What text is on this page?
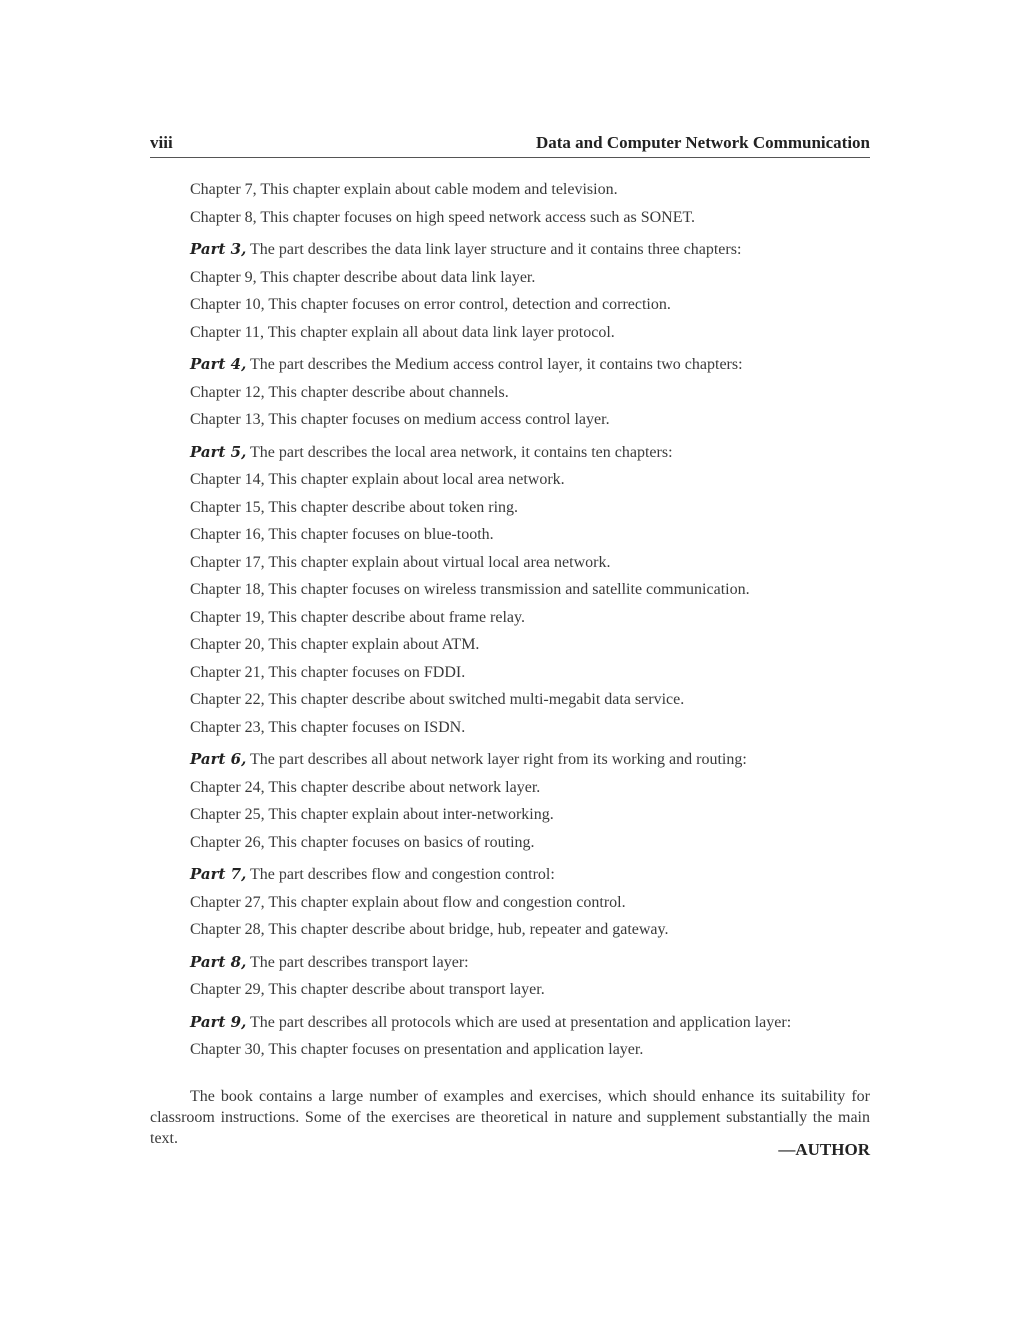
viii	Data and Computer Network Communication
Chapter 7, This chapter explain about cable modem and television.
Chapter 8, This chapter focuses on high speed network access such as SONET.
Part 3, The part describes the data link layer structure and it contains three chapters:
Chapter 9, This chapter describe about data link layer.
Chapter 10, This chapter focuses on error control, detection and correction.
Chapter 11, This chapter explain all about data link layer protocol.
Part 4, The part describes the Medium access control layer, it contains two chapters:
Chapter 12, This chapter describe about channels.
Chapter 13, This chapter focuses on medium access control layer.
Part 5, The part describes the local area network, it contains ten chapters:
Chapter 14, This chapter explain about local area network.
Chapter 15, This chapter describe about token ring.
Chapter 16, This chapter focuses on blue-tooth.
Chapter 17, This chapter explain about virtual local area network.
Chapter 18, This chapter focuses on wireless transmission and satellite communication.
Chapter 19, This chapter describe about frame relay.
Chapter 20, This chapter explain about ATM.
Chapter 21, This chapter focuses on FDDI.
Chapter 22, This chapter describe about switched multi-megabit data service.
Chapter 23, This chapter focuses on ISDN.
Part 6, The part describes all about network layer right from its working and routing:
Chapter 24, This chapter describe about network layer.
Chapter 25, This chapter explain about inter-networking.
Chapter 26, This chapter focuses on basics of routing.
Part 7, The part describes flow and congestion control:
Chapter 27, This chapter explain about flow and congestion control.
Chapter 28, This chapter describe about bridge, hub, repeater and gateway.
Part 8, The part describes transport layer:
Chapter 29, This chapter describe about transport layer.
Part 9, The part describes all protocols which are used at presentation and application layer:
Chapter 30, This chapter focuses on presentation and application layer.

The book contains a large number of examples and exercises, which should enhance its suitability for classroom instructions. Some of the exercises are theoretical in nature and supplement substantially the main text.

—AUTHOR
